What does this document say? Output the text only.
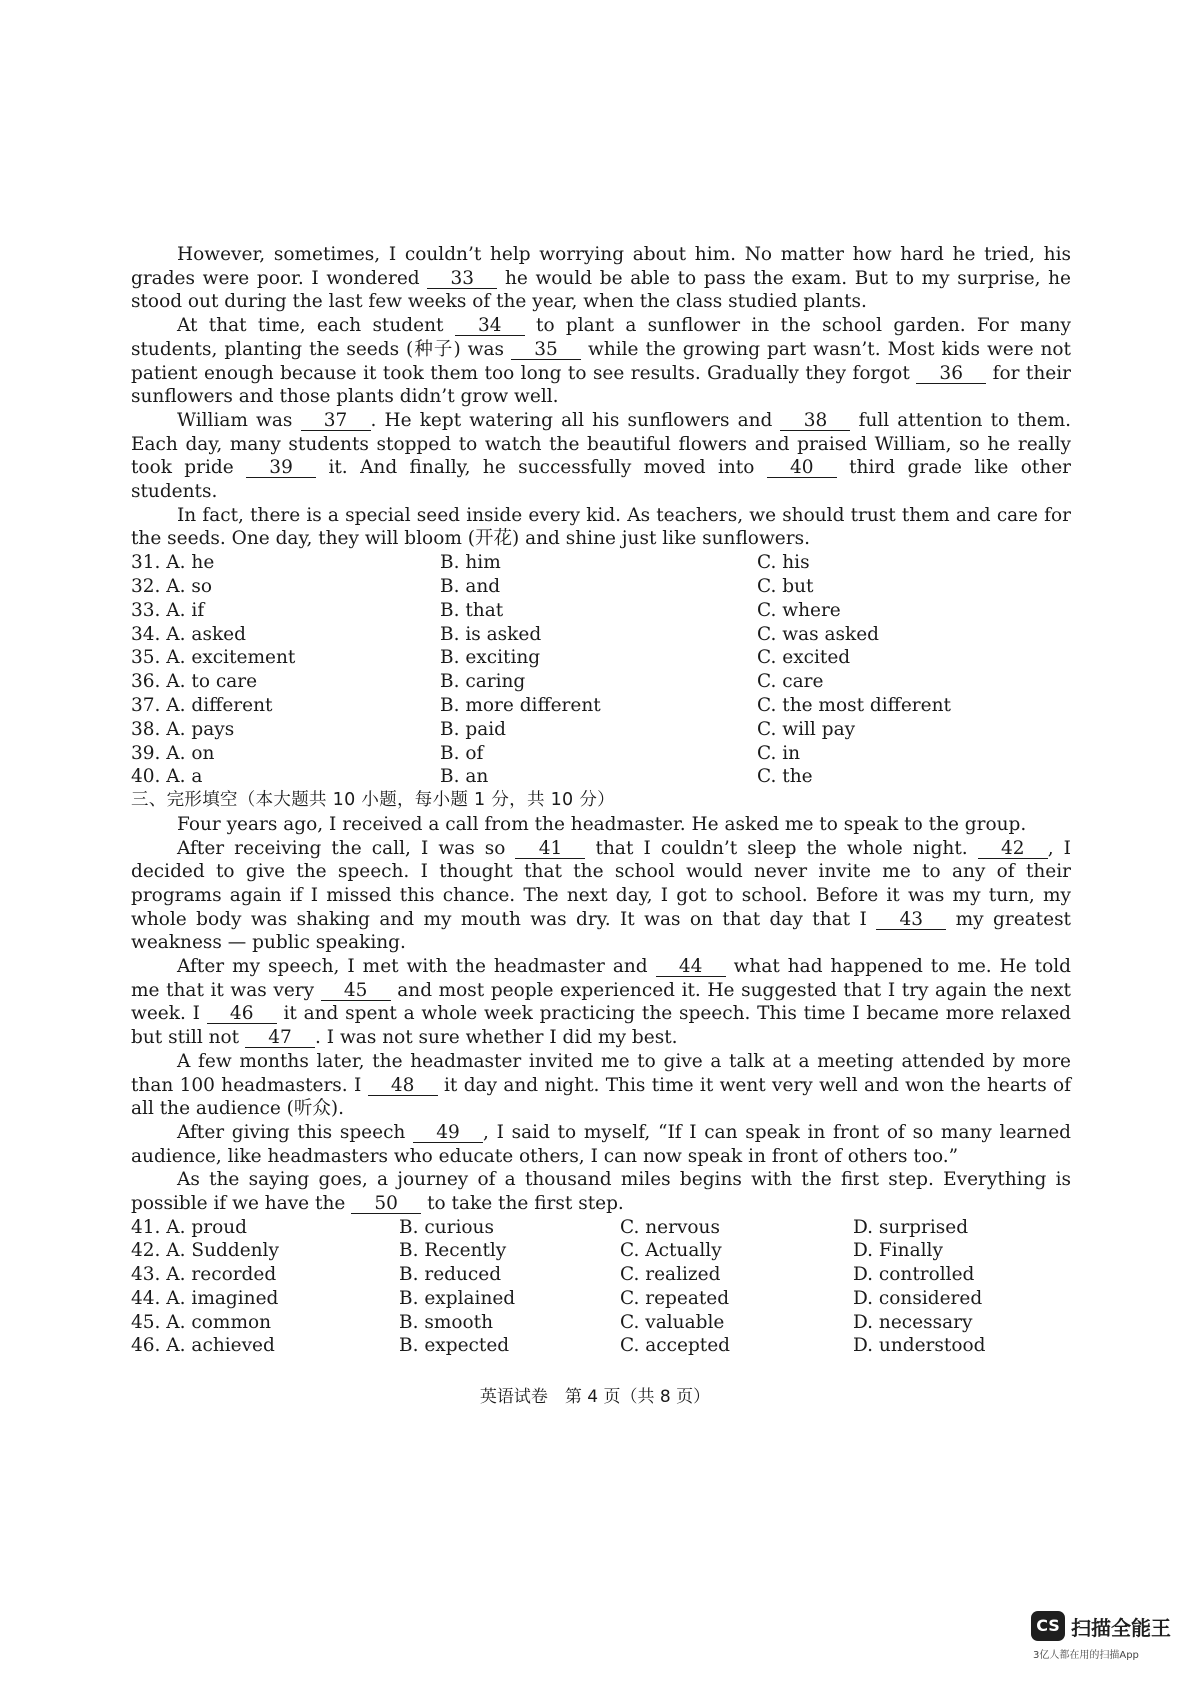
However, sometimes, I couldn’t help worrying about him. No matter how hard he tried, his grades were poor. I wondered 33 he would be able to pass the exam. But to my surprise, he stood out during the last few weeks of the year, when the class studied plants.

At that time, each student 34 to plant a sunflower in the school garden. For many students, planting the seeds (种子) was 35 while the growing part wasn’t. Most kids were not patient enough because it took them too long to see results. Gradually they forgot 36 for their sunflowers and those plants didn’t grow well.

William was 37 . He kept watering all his sunflowers and 38 full attention to them. Each day, many students stopped to watch the beautiful flowers and praised William, so he really took pride 39 it. And finally, he successfully moved into 40 third grade like other students.

In fact, there is a special seed inside every kid. As teachers, we should trust them and care for the seeds. One day, they will bloom (开花) and shine just like sunflowers.

31. A. he	B. him	C. his
32. A. so	B. and	C. but
33. A. if	B. that	C. where
34. A. asked	B. is asked	C. was asked
35. A. excitement	B. exciting	C. excited
36. A. to care	B. caring	C. care
37. A. different	B. more different	C. the most different
38. A. pays	B. paid	C. will pay
39. A. on	B. of	C. in
40. A. a	B. an	C. the

三、完形填空（本大题共 10 小题，每小题 1 分，共 10 分）

Four years ago, I received a call from the headmaster. He asked me to speak to the group.

After receiving the call, I was so 41 that I couldn’t sleep the whole night. 42 , I decided to give the speech. I thought that the school would never invite me to any of their programs again if I missed this chance. The next day, I got to school. Before it was my turn, my whole body was shaking and my mouth was dry. It was on that day that I 43 my greatest weakness — public speaking.

After my speech, I met with the headmaster and 44 what had happened to me. He told me that it was very 45 and most people experienced it. He suggested that I try again the next week. I 46 it and spent a whole week practicing the speech. This time I became more relaxed but still not 47 . I was not sure whether I did my best.

A few months later, the headmaster invited me to give a talk at a meeting attended by more than 100 headmasters. I 48 it day and night. This time it went very well and won the hearts of all the audience (听众).

After giving this speech 49 , I said to myself, “If I can speak in front of so many learned audience, like headmasters who educate others, I can now speak in front of others too.”

As the saying goes, a journey of a thousand miles begins with the first step. Everything is possible if we have the 50 to take the first step.

41. A. proud	B. curious	C. nervous	D. surprised
42. A. Suddenly	B. Recently	C. Actually	D. Finally
43. A. recorded	B. reduced	C. realized	D. controlled
44. A. imagined	B. explained	C. repeated	D. considered
45. A. common	B. smooth	C. valuable	D. necessary
46. A. achieved	B. expected	C. accepted	D. understood
英语试卷　第 4 页（共 8 页）
CS 扫描全能王
3亿人都在用的扫描App
